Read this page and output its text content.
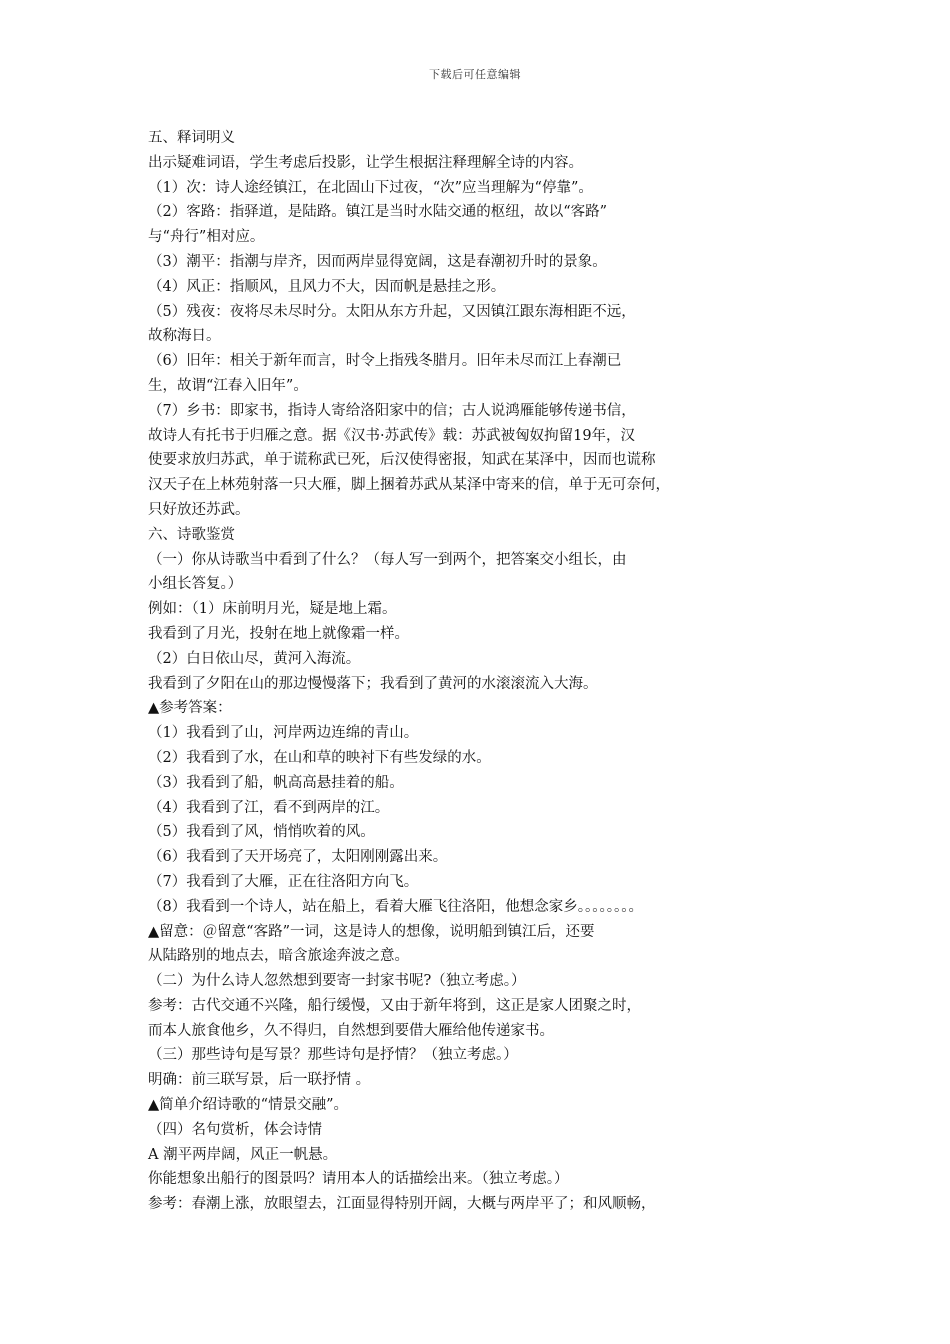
下载后可任意编辑
五、释词明义
出示疑难词语，学生考虑后投影，让学生根据注释理解全诗的内容。
（1）次：诗人途经镇江，在北固山下过夜，“次”应当理解为“停靠”。
（2）客路：指驿道，是陆路。镇江是当时水陆交通的枢纽，故以“客路”
与“舟行”相对应。
（3）潮平：指潮与岸齐，因而两岸显得宽阔，这是春潮初升时的景象。
（4）风正：指顺风，且风力不大，因而帆是悬挂之形。
（5）残夜：夜将尽未尽时分。太阳从东方升起，又因镇江跟东海相距不远，
故称海日。
（6）旧年：相关于新年而言，时令上指残冬腊月。旧年未尽而江上春潮已
生，故谓“江春入旧年”。
（7）乡书：即家书，指诗人寄给洛阳家中的信；古人说鸿雁能够传递书信，
故诗人有托书于归雁之意。据《汉书·苏武传》载：苏武被匈奴拘留19年，汉
使要求放归苏武，单于谎称武已死，后汉使得密报，知武在某泽中，因而也谎称
汉天子在上林苑射落一只大雁，脚上捆着苏武从某泽中寄来的信，单于无可奈何，
只好放还苏武。
六、诗歌鉴赏
（一）你从诗歌当中看到了什么？（每人写一到两个，把答案交小组长，由
小组长答复。）
例如：（1）床前明月光，疑是地上霜。
我看到了月光，投射在地上就像霜一样。
（2）白日依山尽，黄河入海流。
我看到了夕阳在山的那边慢慢落下；我看到了黄河的水滚滚流入大海。
▲参考答案：
（1）我看到了山，河岸两边连绵的青山。
（2）我看到了水，在山和草的映衬下有些发绿的水。
（3）我看到了船，帆高高悬挂着的船。
（4）我看到了江，看不到两岸的江。
（5）我看到了风，悄悄吹着的风。
（6）我看到了天开场亮了，太阳刚刚露出来。
（7）我看到了大雁，正在往洛阳方向飞。
（8）我看到一个诗人，站在船上，看着大雁飞往洛阳，他想念家乡。。。。。。。。
▲留意：＠留意“客路”一词，这是诗人的想像，说明船到镇江后，还要
从陆路别的地点去，暗含旅途奔波之意。
（二）为什么诗人忽然想到要寄一封家书呢?（独立考虑。）
参考：古代交通不兴隆，船行缓慢，又由于新年将到，这正是家人团聚之时，
而本人旅食他乡，久不得归，自然想到要借大雁给他传递家书。
（三）那些诗句是写景？那些诗句是抒情？（独立考虑。）
明确：前三联写景，后一联抒情 。
▲简单介绍诗歌的“情景交融”。
（四）名句赏析，体会诗情
A 潮平两岸阔，风正一帆悬。
你能想象出船行的图景吗？请用本人的话描绘出来。（独立考虑。）
参考：春潮上涨，放眼望去，江面显得特别开阔，大概与两岸平了；和风顺畅，
